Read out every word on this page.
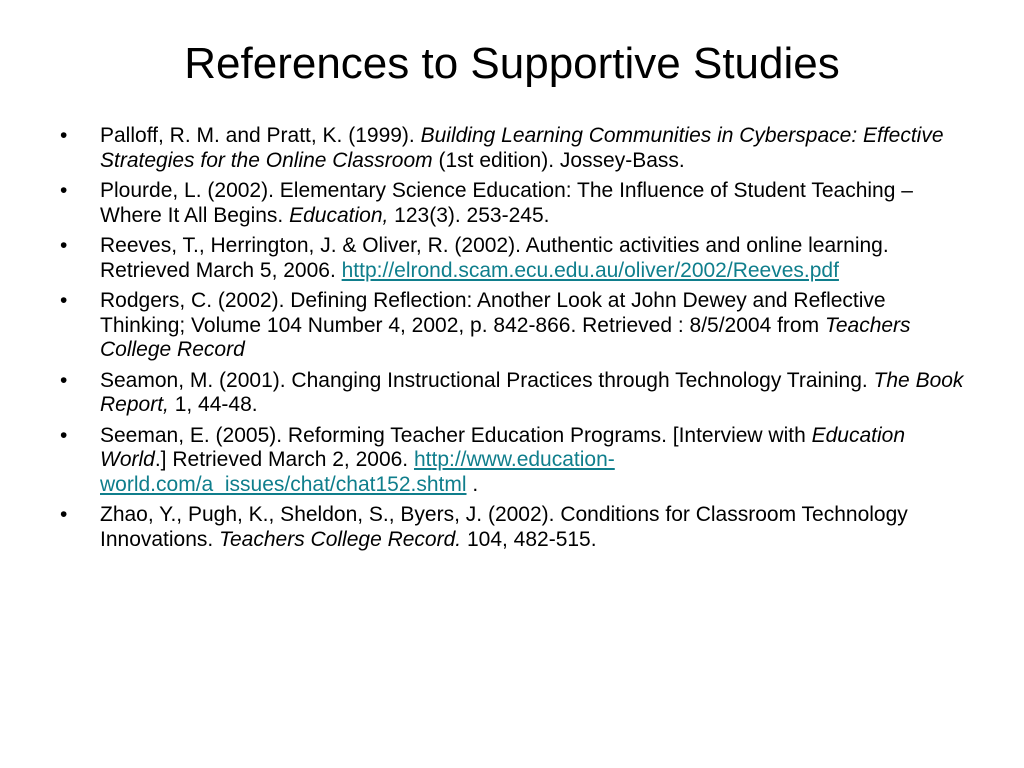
References to Supportive Studies
• Palloff, R. M. and Pratt, K. (1999). Building Learning Communities in Cyberspace: Effective Strategies for the Online Classroom (1st edition). Jossey-Bass.
• Plourde, L. (2002). Elementary Science Education: The Influence of Student Teaching – Where It All Begins. Education, 123(3). 253-245.
• Reeves, T., Herrington, J. & Oliver, R. (2002). Authentic activities and online learning. Retrieved March 5, 2006. http://elrond.scam.ecu.edu.au/oliver/2002/Reeves.pdf
• Rodgers, C. (2002). Defining Reflection: Another Look at John Dewey and Reflective Thinking; Volume 104 Number 4, 2002, p. 842-866. Retrieved : 8/5/2004 from Teachers College Record
• Seamon, M. (2001). Changing Instructional Practices through Technology Training. The Book Report, 1, 44-48.
• Seeman, E. (2005). Reforming Teacher Education Programs. [Interview with Education World.] Retrieved March 2, 2006. http://www.education-world.com/a_issues/chat/chat152.shtml .
• Zhao, Y., Pugh, K., Sheldon, S., Byers, J. (2002). Conditions for Classroom Technology Innovations. Teachers College Record. 104, 482-515.
